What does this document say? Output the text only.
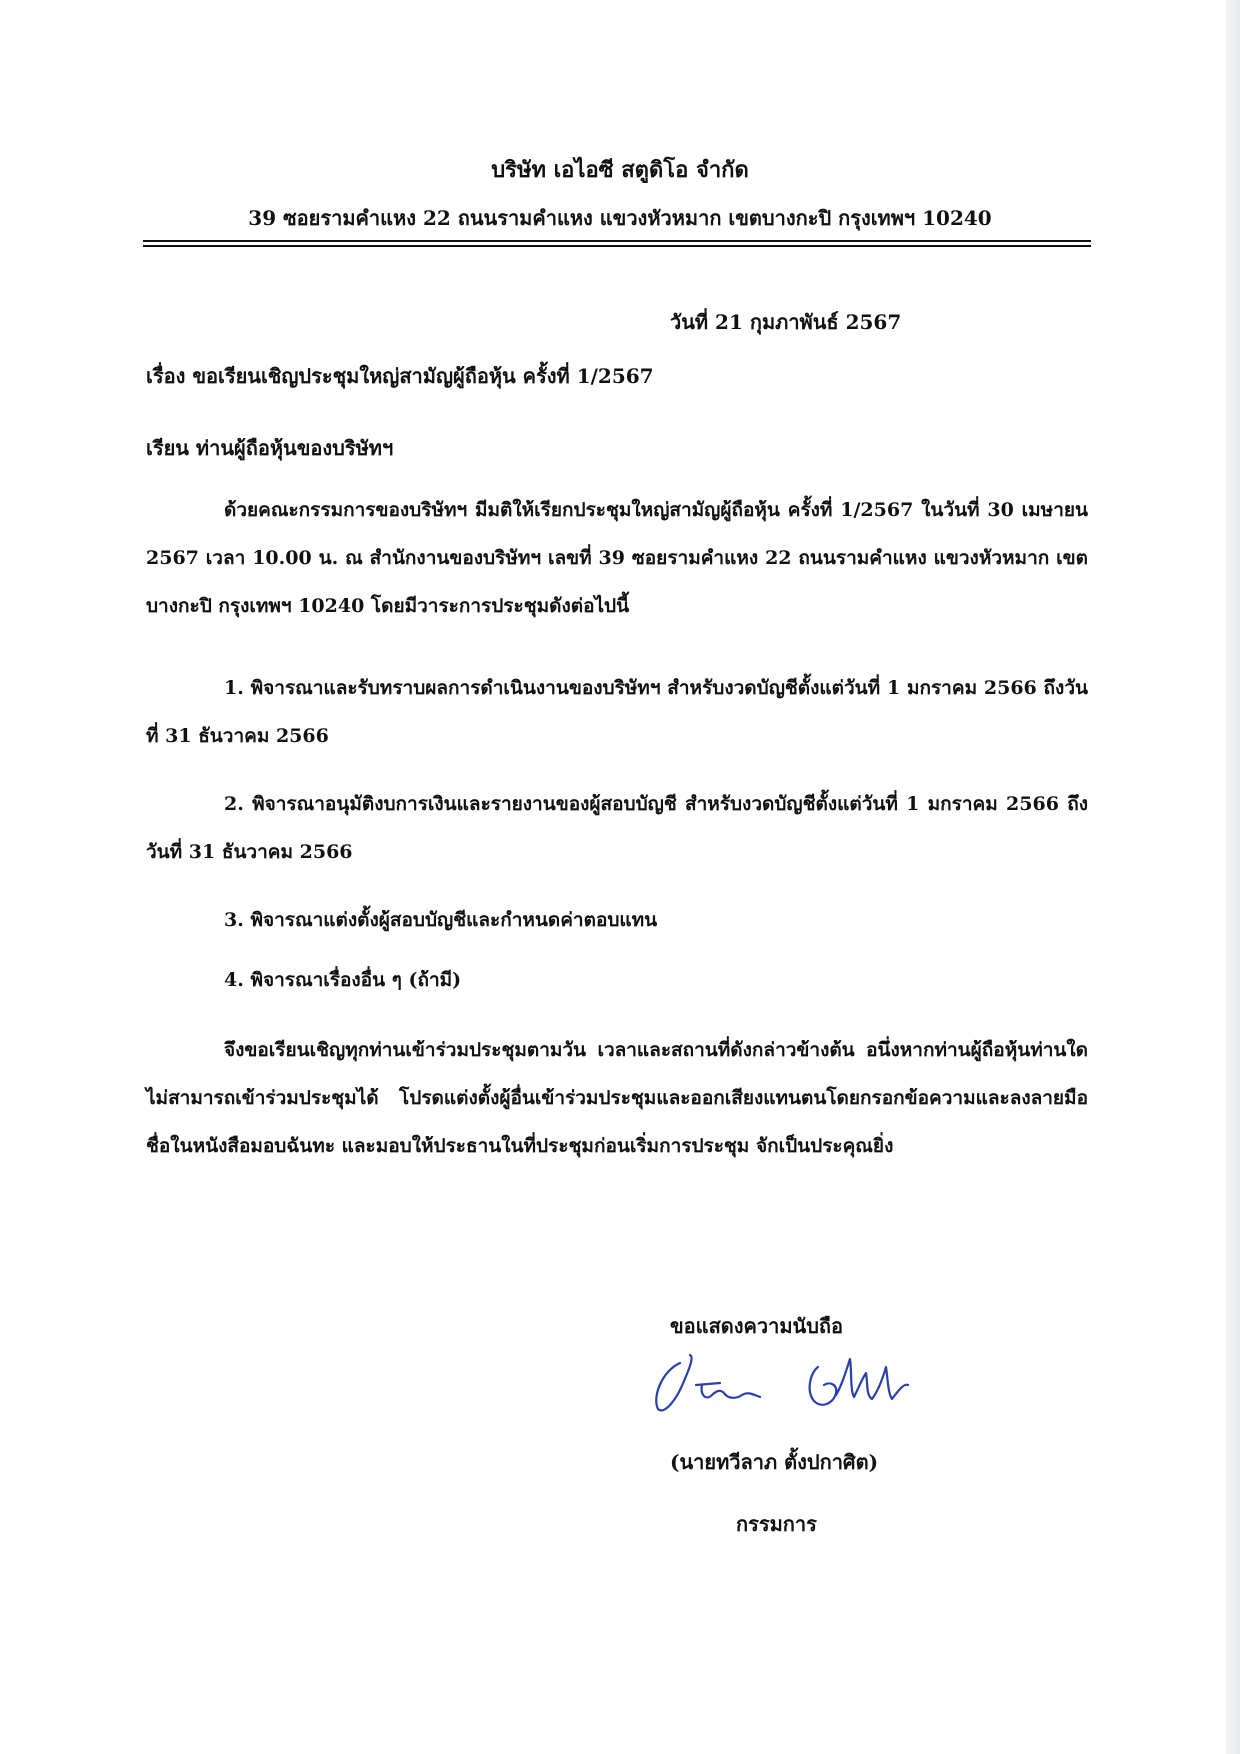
บริษัท เอไอซี สตูดิโอ จำกัด
39 ซอยรามคำแหง 22 ถนนรามคำแหง แขวงหัวหมาก เขตบางกะปิ กรุงเทพฯ 10240
วันที่ 21 กุมภาพันธ์ 2567
เรื่อง ขอเรียนเชิญประชุมใหญ่สามัญผู้ถือหุ้น ครั้งที่ 1/2567
เรียน ท่านผู้ถือหุ้นของบริษัทฯ

ด้วยคณะกรรมการของบริษัทฯ มีมติให้เรียกประชุมใหญ่สามัญผู้ถือหุ้น ครั้งที่ 1/2567 ในวันที่ 30 เมษายน 2567 เวลา 10.00 น. ณ สำนักงานของบริษัทฯ เลขที่ 39 ซอยรามคำแหง 22 ถนนรามคำแหง แขวงหัวหมาก เขตบางกะปิ กรุงเทพฯ 10240 โดยมีวาระการประชุมดังต่อไปนี้

1. พิจารณาและรับทราบผลการดำเนินงานของบริษัทฯ สำหรับงวดบัญชีตั้งแต่วันที่ 1 มกราคม 2566 ถึงวันที่ 31 ธันวาคม 2566

2. พิจารณาอนุมัติงบการเงินและรายงานของผู้สอบบัญชี สำหรับงวดบัญชีตั้งแต่วันที่ 1 มกราคม 2566 ถึงวันที่ 31 ธันวาคม 2566

3. พิจารณาแต่งตั้งผู้สอบบัญชีและกำหนดค่าตอบแทน

4. พิจารณาเรื่องอื่น ๆ (ถ้ามี)

จึงขอเรียนเชิญทุกท่านเข้าร่วมประชุมตามวัน เวลาและสถานที่ดังกล่าวข้างต้น อนึ่งหากท่านผู้ถือหุ้นท่านใดไม่สามารถเข้าร่วมประชุมได้ โปรดแต่งตั้งผู้อื่นเข้าร่วมประชุมและออกเสียงแทนตนโดยกรอกข้อความและลงลายมือชื่อในหนังสือมอบฉันทะ และมอบให้ประธานในที่ประชุมก่อนเริ่มการประชุม จักเป็นประคุณยิ่ง

ขอแสดงความนับถือ
(นายทวีลาภ ตั้งปกาศิต)
กรรมการ
